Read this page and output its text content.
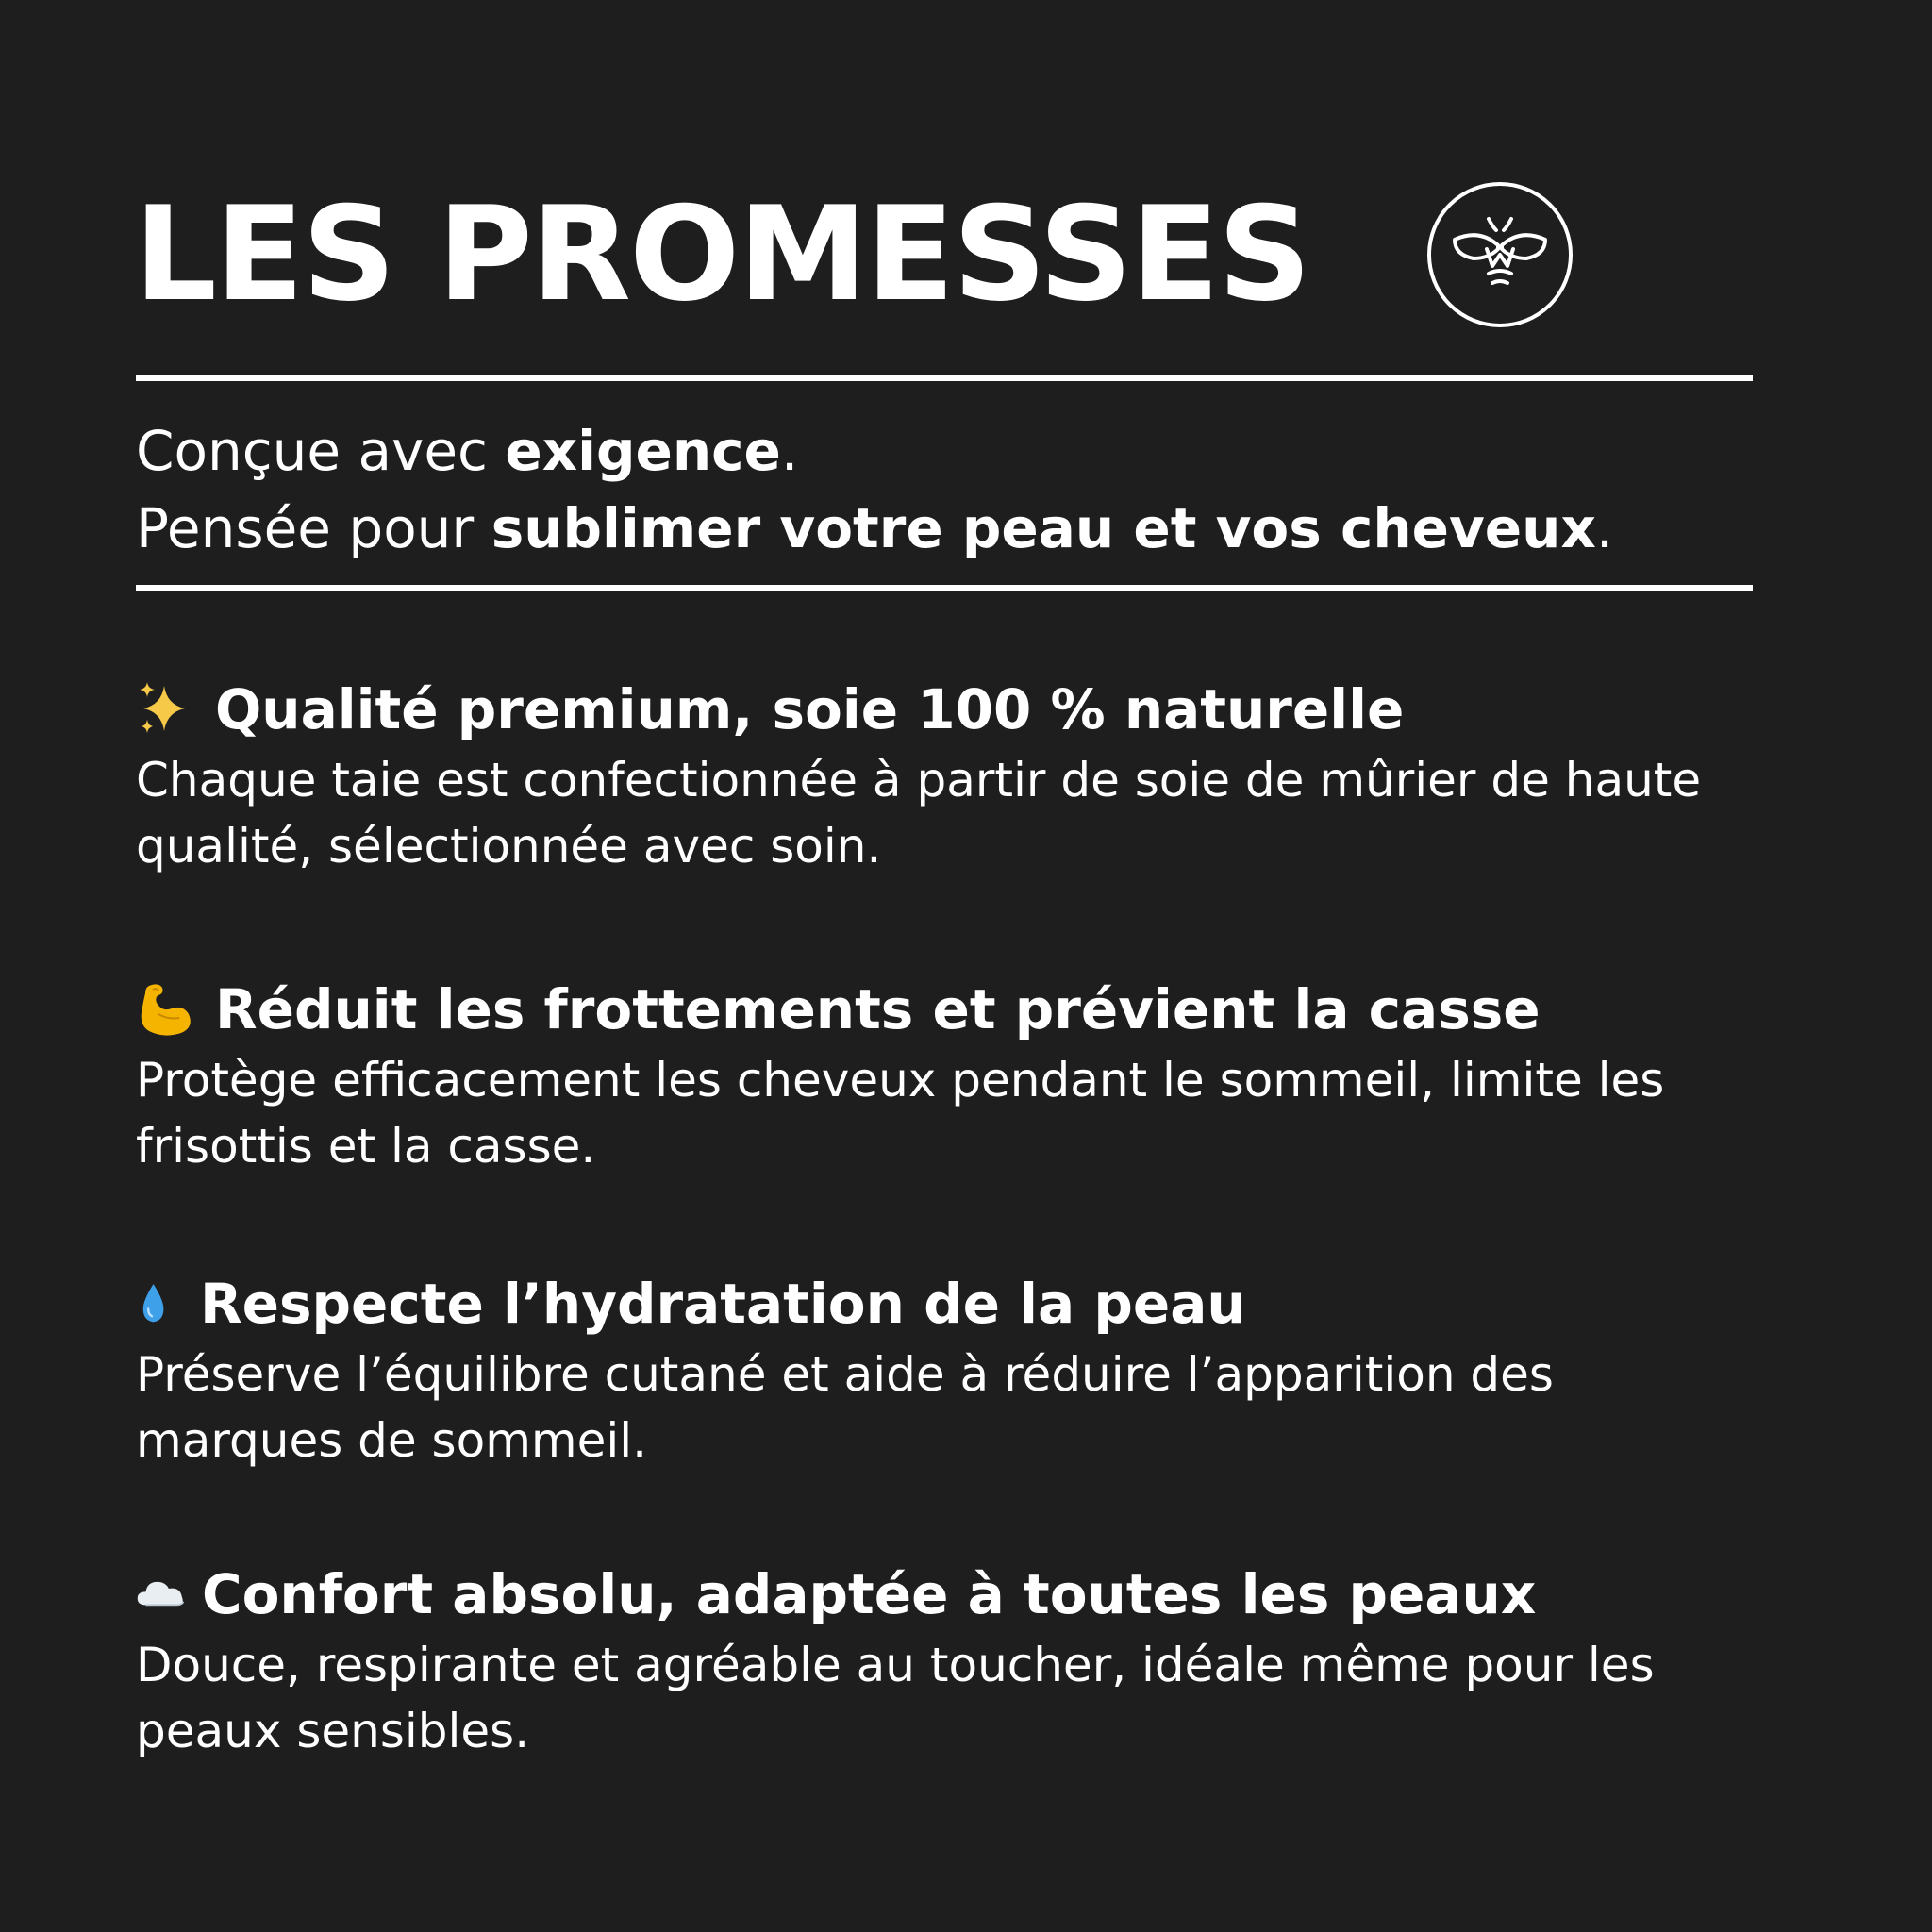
LES PROMESSES
Conçue avec exigence.
Pensée pour sublimer votre peau et vos cheveux.
Qualité premium, soie 100 % naturelle
Chaque taie est confectionnée à partir de soie de mûrier de haute qualité, sélectionnée avec soin.
Réduit les frottements et prévient la casse
Protège efficacement les cheveux pendant le sommeil, limite les frisottis et la casse.
Respecte l’hydratation de la peau
Préserve l’équilibre cutané et aide à réduire l’apparition des marques de sommeil.
Confort absolu, adaptée à toutes les peaux
Douce, respirante et agréable au toucher, idéale même pour les peaux sensibles.
